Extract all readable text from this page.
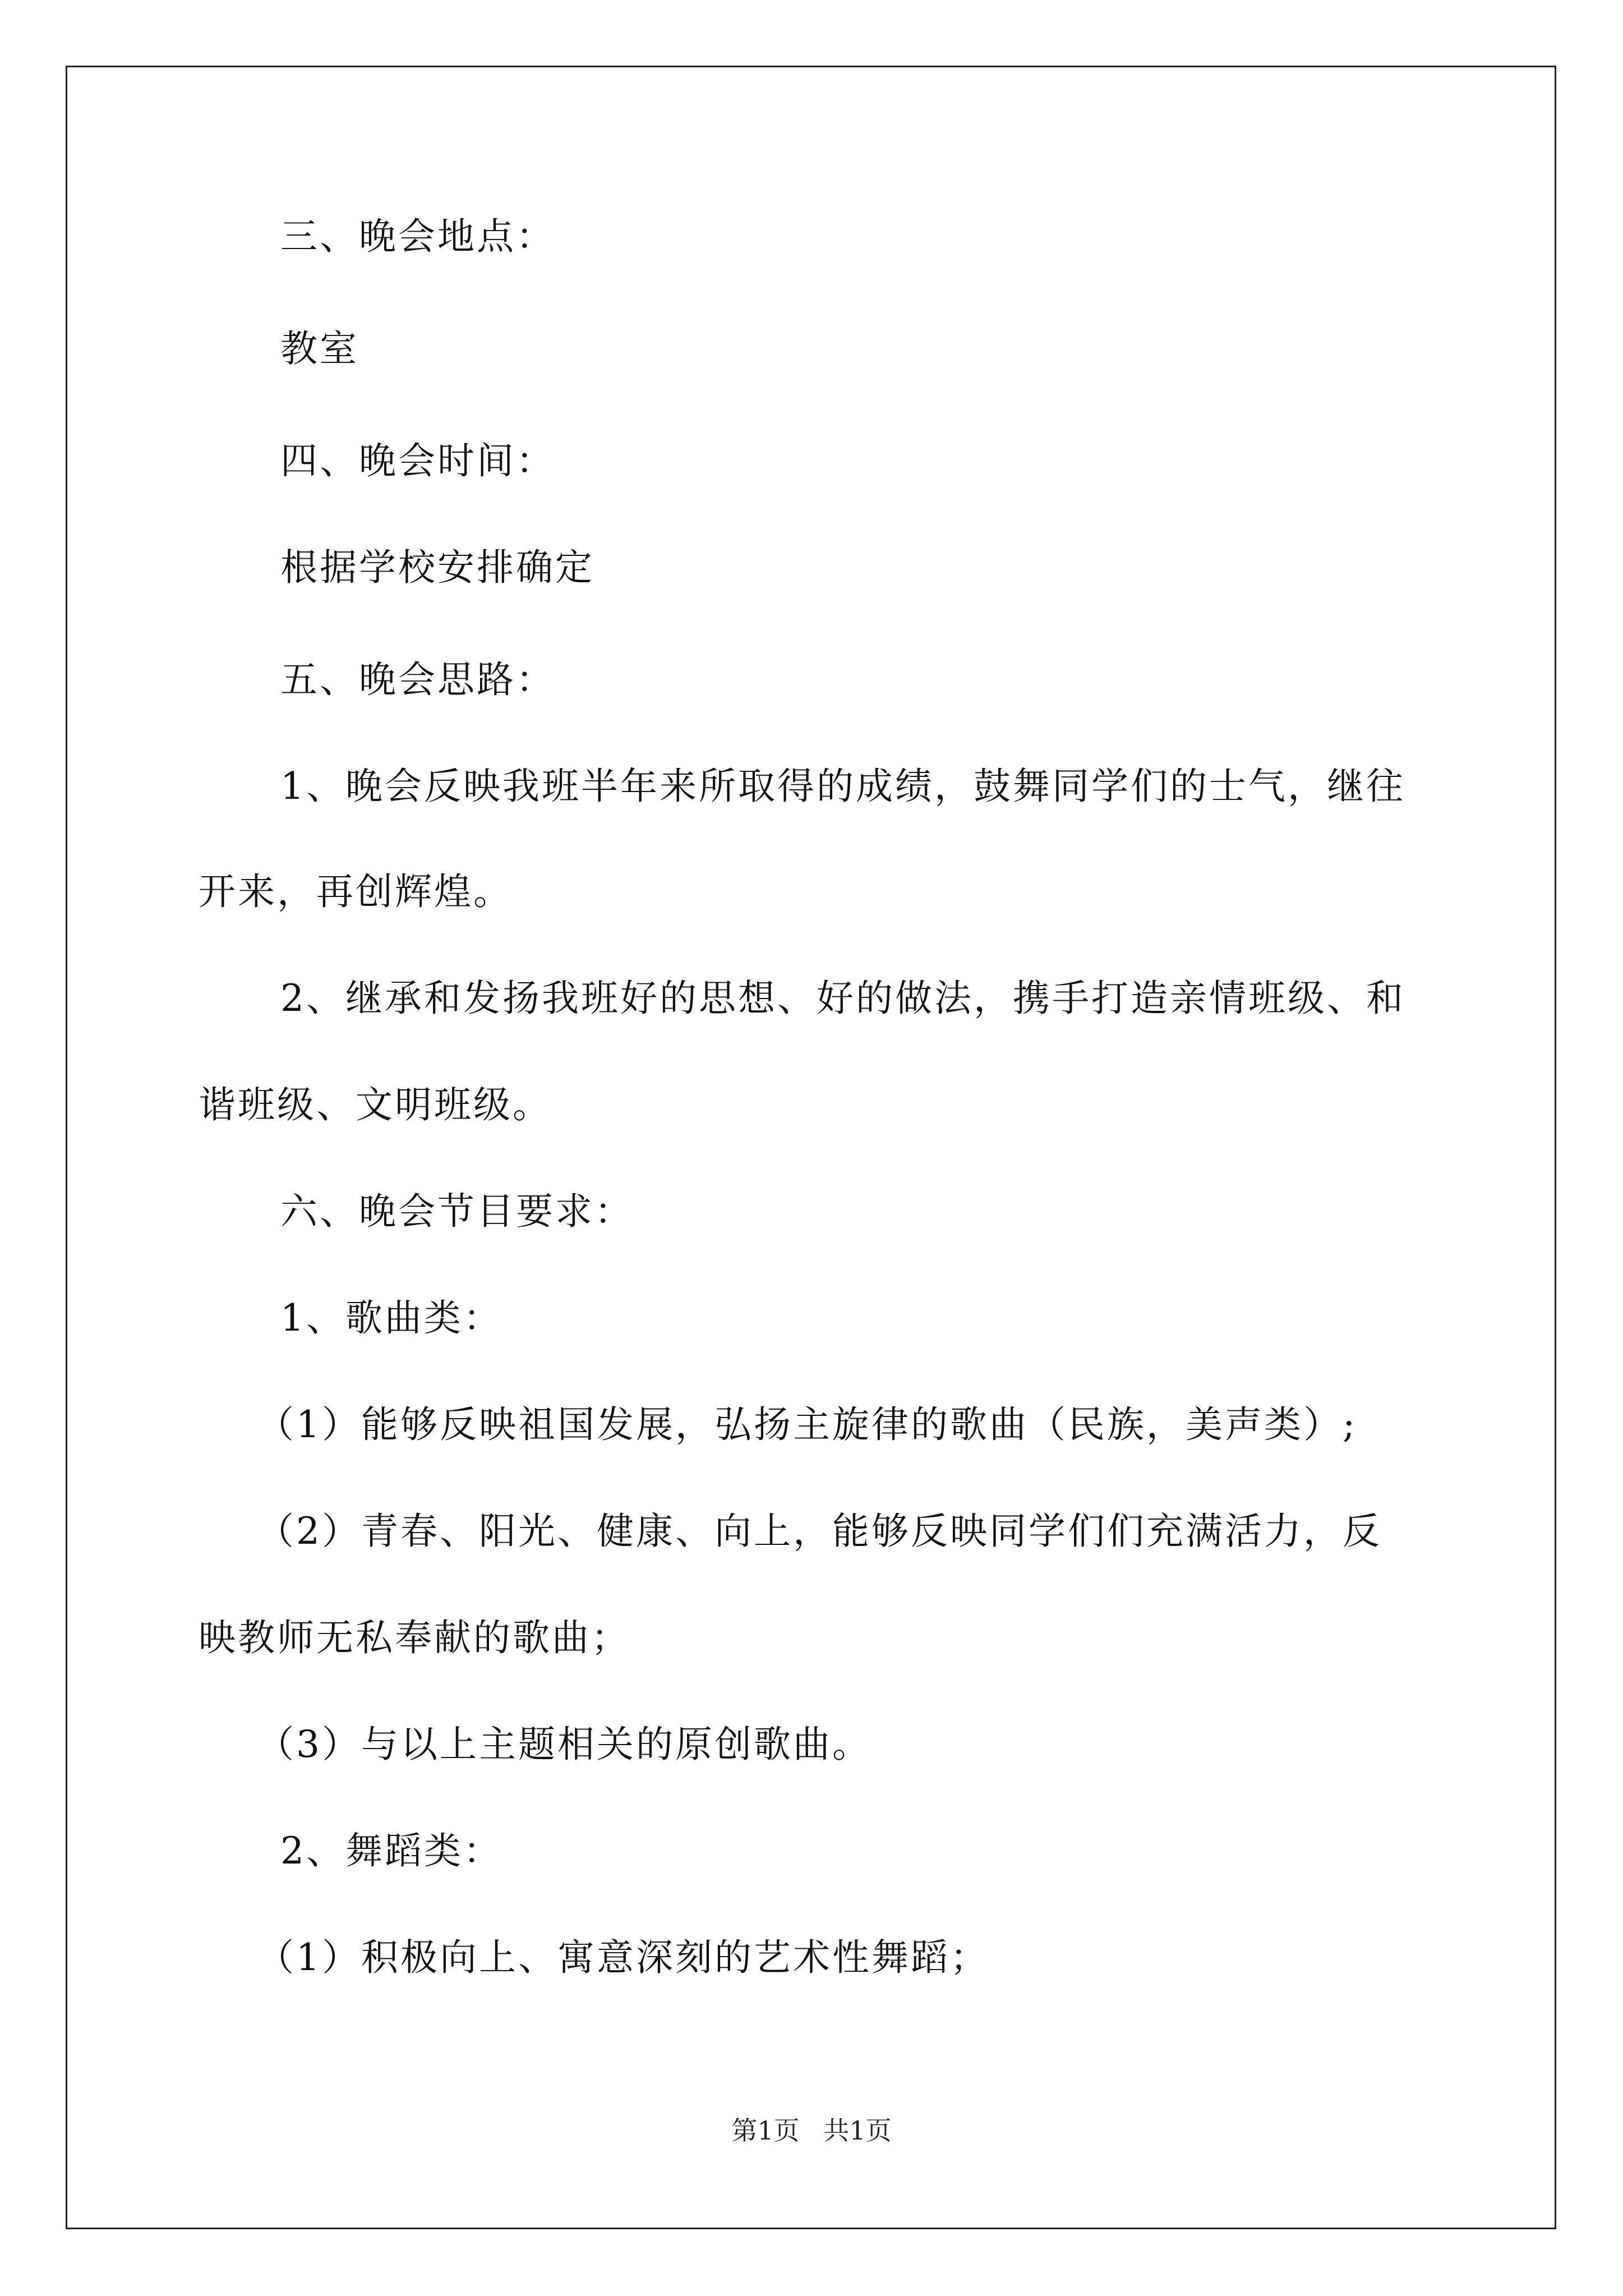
三、晚会地点：

教室

四、晚会时间：

根据学校安排确定

五、晚会思路：

1、晚会反映我班半年来所取得的成绩，鼓舞同学们的士气，继往

开来，再创辉煌。

2、继承和发扬我班好的思想、好的做法，携手打造亲情班级、和

谐班级、文明班级。

六、晚会节目要求：

1、歌曲类：

（1）能够反映祖国发展，弘扬主旋律的歌曲（民族，美声类）;

（2）青春、阳光、健康、向上，能够反映同学们们充满活力，反

映教师无私奉献的歌曲；

（3）与以上主题相关的原创歌曲。

2、舞蹈类：

（1）积极向上、寓意深刻的艺术性舞蹈；

第1页 共1页
